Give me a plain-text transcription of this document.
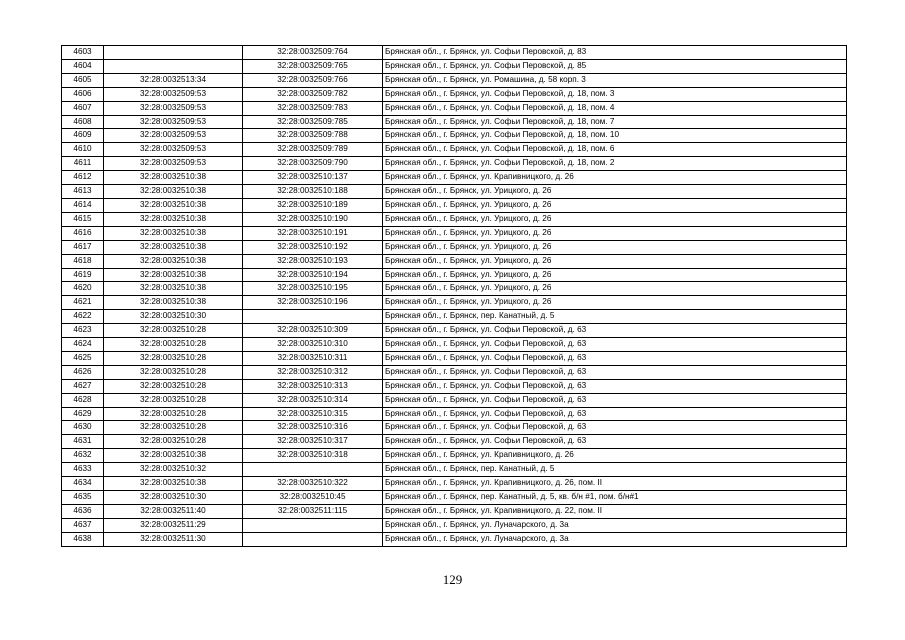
4603		32:28:0032509:764	Брянская обл., г. Брянск, ул. Софьи Перовской, д. 83
4604		32:28:0032509:765	Брянская обл., г. Брянск, ул. Софьи Перовской, д. 85
4605	32:28:0032513:34	32:28:0032509:766	Брянская обл., г. Брянск, ул. Ромашина, д. 58 корп. 3
4606	32:28:0032509:53	32:28:0032509:782	Брянская обл., г. Брянск, ул. Софьи Перовской, д. 18, пом. 3
4607	32:28:0032509:53	32:28:0032509:783	Брянская обл., г. Брянск, ул. Софьи Перовской, д. 18, пом. 4
4608	32:28:0032509:53	32:28:0032509:785	Брянская обл., г. Брянск, ул. Софьи Перовской, д. 18, пом. 7
4609	32:28:0032509:53	32:28:0032509:788	Брянская обл., г. Брянск, ул. Софьи Перовской, д. 18, пом. 10
4610	32:28:0032509:53	32:28:0032509:789	Брянская обл., г. Брянск, ул. Софьи Перовской, д. 18, пом. 6
4611	32:28:0032509:53	32:28:0032509:790	Брянская обл., г. Брянск, ул. Софьи Перовской, д. 18, пом. 2
4612	32:28:0032510:38	32:28:0032510:137	Брянская обл., г. Брянск, ул. Крапивницкого, д. 26
4613	32:28:0032510:38	32:28:0032510:188	Брянская обл., г. Брянск, ул. Урицкого, д. 26
4614	32:28:0032510:38	32:28:0032510:189	Брянская обл., г. Брянск, ул. Урицкого, д. 26
4615	32:28:0032510:38	32:28:0032510:190	Брянская обл., г. Брянск, ул. Урицкого, д. 26
4616	32:28:0032510:38	32:28:0032510:191	Брянская обл., г. Брянск, ул. Урицкого, д. 26
4617	32:28:0032510:38	32:28:0032510:192	Брянская обл., г. Брянск, ул. Урицкого, д. 26
4618	32:28:0032510:38	32:28:0032510:193	Брянская обл., г. Брянск, ул. Урицкого, д. 26
4619	32:28:0032510:38	32:28:0032510:194	Брянская обл., г. Брянск, ул. Урицкого, д. 26
4620	32:28:0032510:38	32:28:0032510:195	Брянская обл., г. Брянск, ул. Урицкого, д. 26
4621	32:28:0032510:38	32:28:0032510:196	Брянская обл., г. Брянск, ул. Урицкого, д. 26
4622	32:28:0032510:30		Брянская обл., г. Брянск, пер. Канатный, д. 5
4623	32:28:0032510:28	32:28:0032510:309	Брянская обл., г. Брянск, ул. Софьи Перовской, д. 63
4624	32:28:0032510:28	32:28:0032510:310	Брянская обл., г. Брянск, ул. Софьи Перовской, д. 63
4625	32:28:0032510:28	32:28:0032510:311	Брянская обл., г. Брянск, ул. Софьи Перовской, д. 63
4626	32:28:0032510:28	32:28:0032510:312	Брянская обл., г. Брянск, ул. Софьи Перовской, д. 63
4627	32:28:0032510:28	32:28:0032510:313	Брянская обл., г. Брянск, ул. Софьи Перовской, д. 63
4628	32:28:0032510:28	32:28:0032510:314	Брянская обл., г. Брянск, ул. Софьи Перовской, д. 63
4629	32:28:0032510:28	32:28:0032510:315	Брянская обл., г. Брянск, ул. Софьи Перовской, д. 63
4630	32:28:0032510:28	32:28:0032510:316	Брянская обл., г. Брянск, ул. Софьи Перовской, д. 63
4631	32:28:0032510:28	32:28:0032510:317	Брянская обл., г. Брянск, ул. Софьи Перовской, д. 63
4632	32:28:0032510:38	32:28:0032510:318	Брянская обл., г. Брянск, ул. Крапивницкого, д. 26
4633	32:28:0032510:32		Брянская обл., г. Брянск, пер. Канатный, д. 5
4634	32:28:0032510:38	32:28:0032510:322	Брянская обл., г. Брянск, ул. Крапивницкого, д. 26, пом. II
4635	32:28:0032510:30	32:28:0032510:45	Брянская обл., г. Брянск, пер. Канатный, д. 5, кв. б/н #1, пом. б/н#1
4636	32:28:0032511:40	32:28:0032511:115	Брянская обл., г. Брянск, ул. Крапивницкого, д. 22, пом. II
4637	32:28:0032511:29		Брянская обл., г. Брянск, ул. Луначарского, д. 3а
4638	32:28:0032511:30		Брянская обл., г. Брянск, ул. Луначарского, д. 3а
129
